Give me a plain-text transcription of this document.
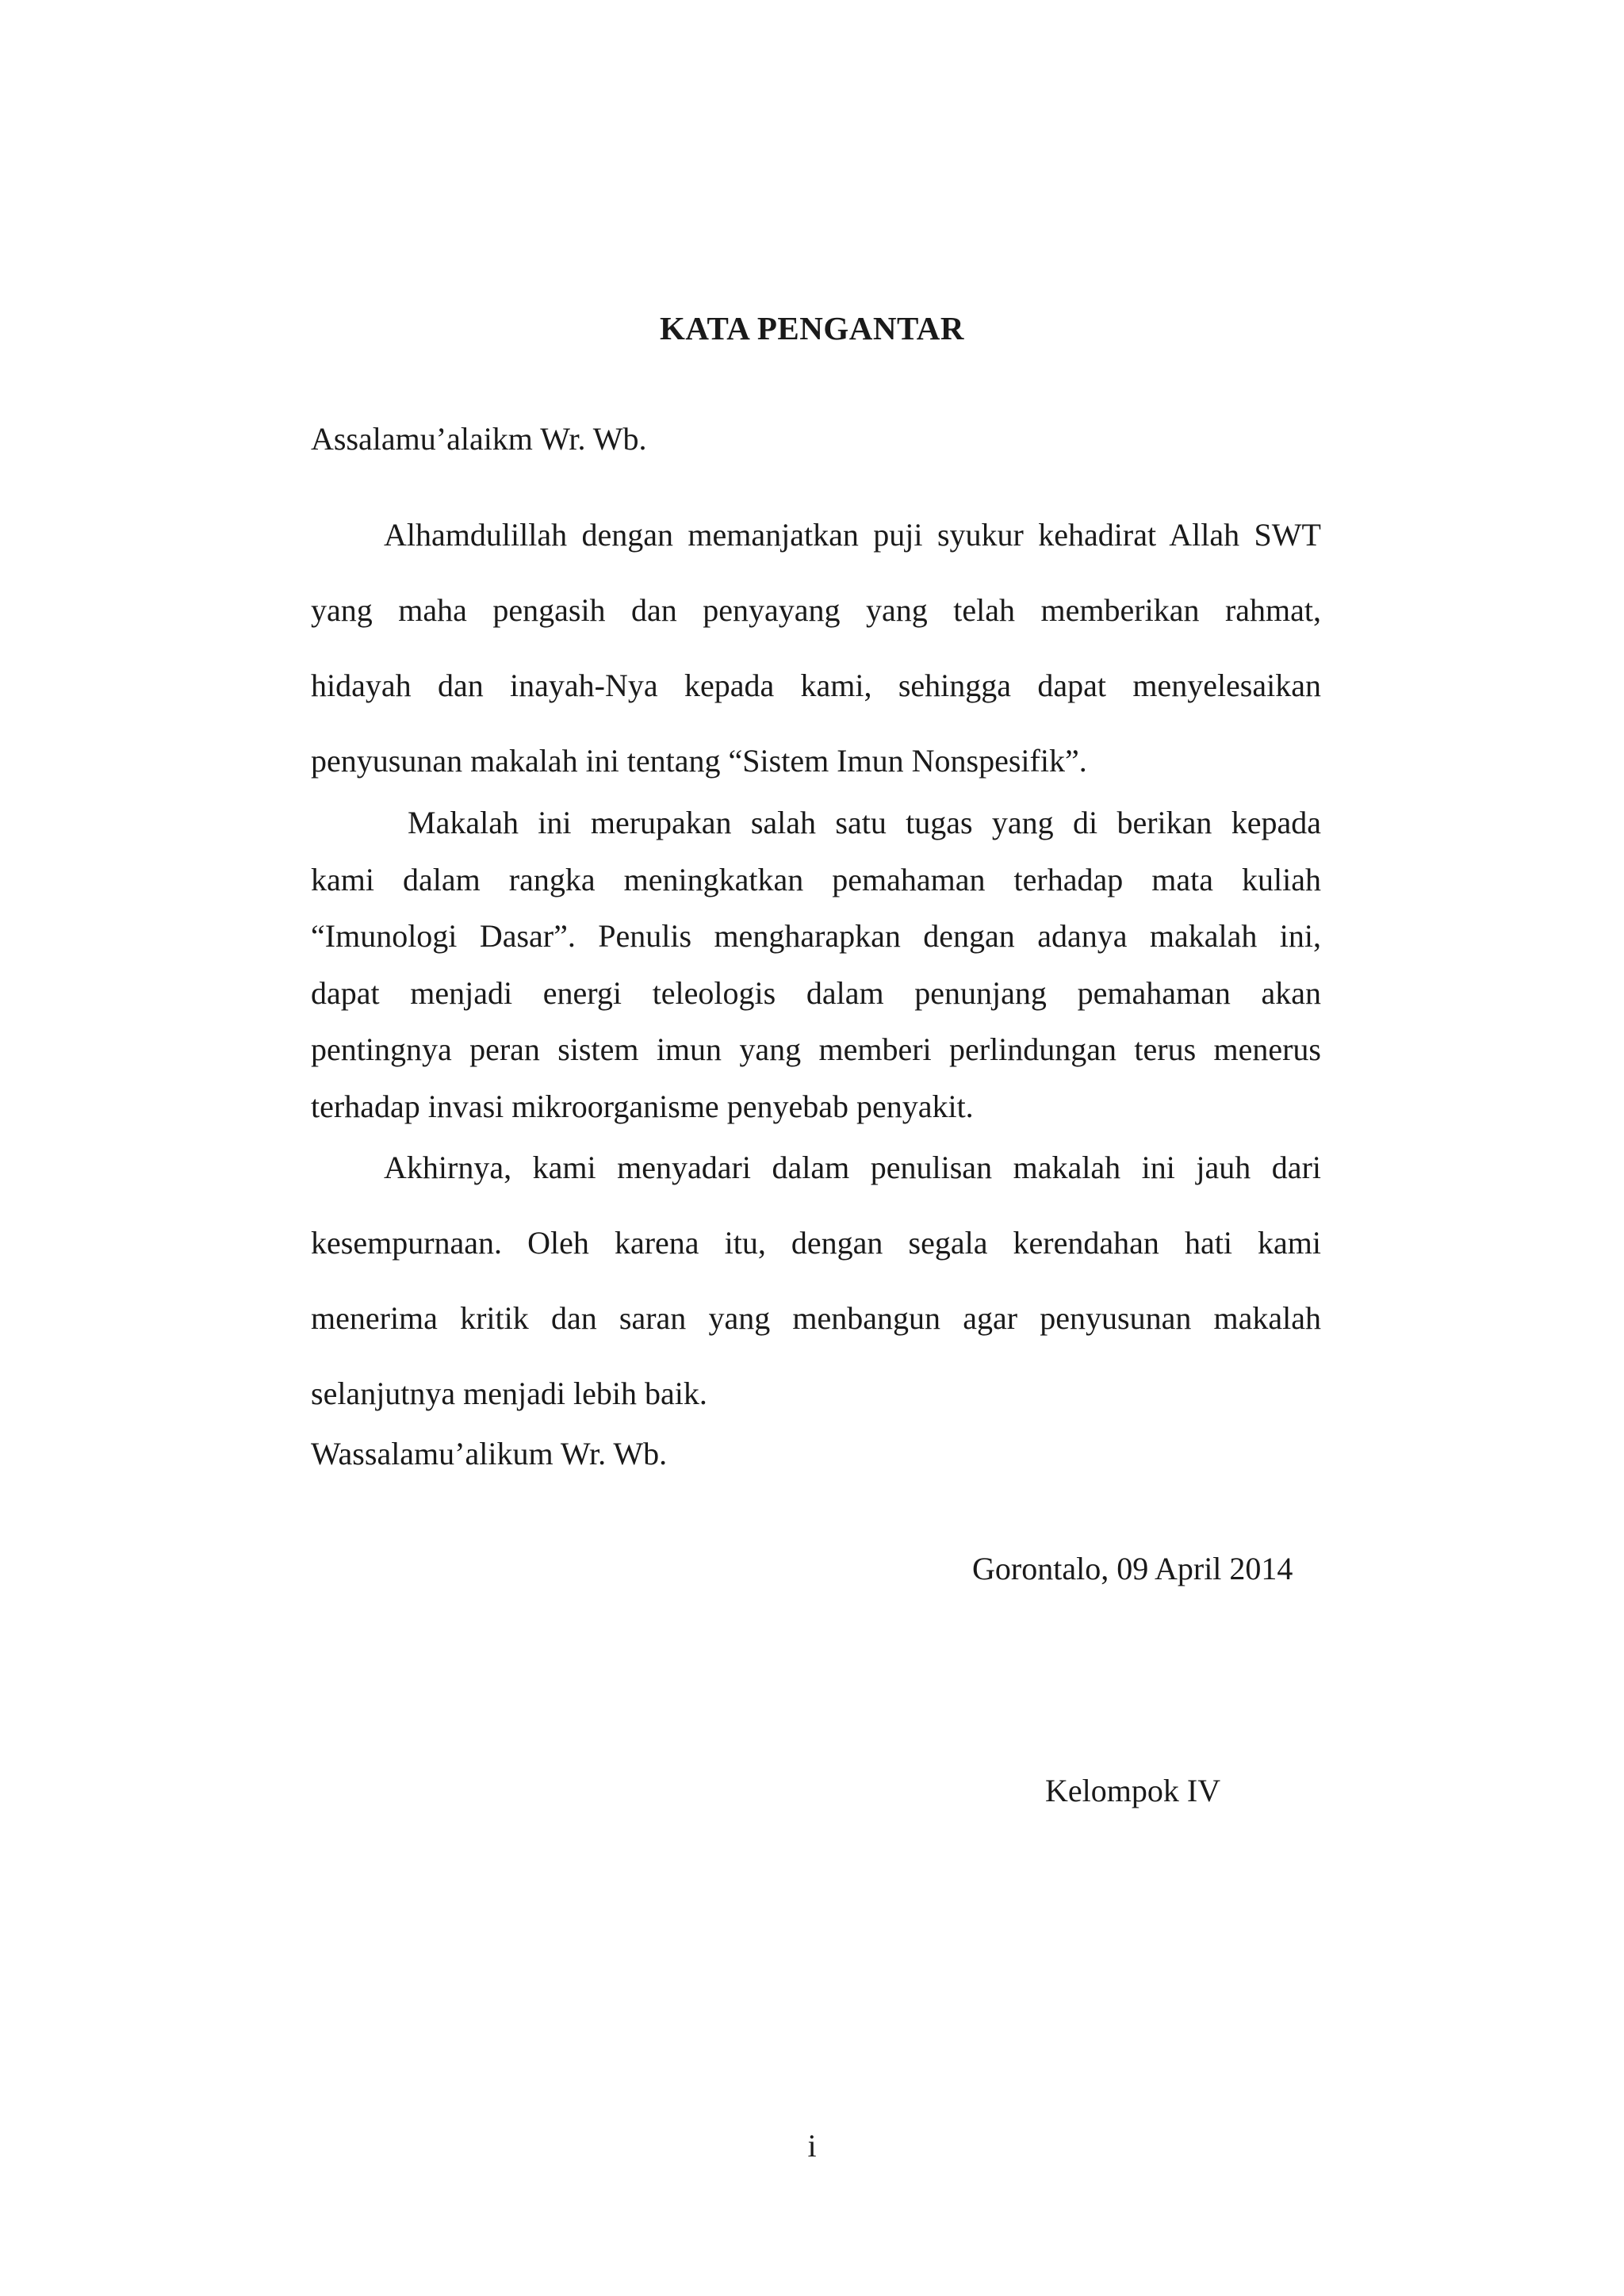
KATA PENGANTAR
Assalamu’alaikm Wr. Wb.
Alhamdulillah dengan memanjatkan puji syukur kehadirat Allah SWT
yang maha pengasih dan penyayang yang telah memberikan rahmat,
hidayah dan inayah-Nya kepada kami, sehingga dapat menyelesaikan
penyusunan makalah ini tentang “Sistem Imun Nonspesifik”.
Makalah ini merupakan salah satu tugas yang di berikan kepada
kami dalam rangka meningkatkan pemahaman terhadap mata kuliah
“Imunologi Dasar”. Penulis mengharapkan dengan adanya makalah ini,
dapat menjadi energi teleologis dalam penunjang pemahaman akan
pentingnya peran sistem imun yang memberi perlindungan terus menerus
terhadap invasi mikroorganisme penyebab penyakit.
Akhirnya, kami menyadari dalam penulisan makalah ini jauh dari
kesempurnaan. Oleh karena itu, dengan segala kerendahan hati kami
menerima kritik dan saran yang menbangun agar penyusunan makalah
selanjutnya menjadi lebih baik.
Wassalamu’alikum Wr. Wb.
Gorontalo, 09 April 2014
Kelompok IV
i
